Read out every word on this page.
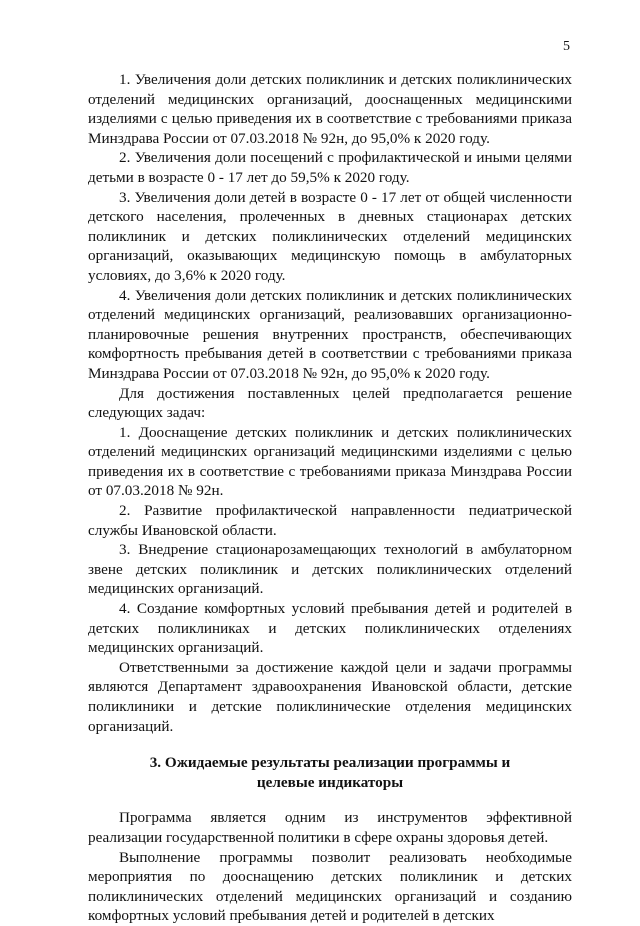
5

1. Увеличения доли детских поликлиник и детских поликлинических отделений медицинских организаций, дооснащенных медицинскими изделиями с целью приведения их в соответствие с требованиями приказа Минздрава России от 07.03.2018 № 92н, до 95,0% к 2020 году.

2. Увеличения доли посещений с профилактической и иными целями детьми в возрасте 0 - 17 лет до 59,5% к 2020 году.

3. Увеличения доли детей в возрасте 0 - 17 лет от общей численности детского населения, пролеченных в дневных стационарах детских поликлиник и детских поликлинических отделений медицинских организаций, оказывающих медицинскую помощь в амбулаторных условиях, до 3,6% к 2020 году.

4. Увеличения доли детских поликлиник и детских поликлинических отделений медицинских организаций, реализовавших организационно-планировочные решения внутренних пространств, обеспечивающих комфортность пребывания детей в соответствии с требованиями приказа Минздрава России от 07.03.2018 № 92н, до 95,0% к 2020 году.

Для достижения поставленных целей предполагается решение следующих задач:

1. Дооснащение детских поликлиник и детских поликлинических отделений медицинских организаций медицинскими изделиями с целью приведения их в соответствие с требованиями приказа Минздрава России от 07.03.2018 № 92н.

2. Развитие профилактической направленности педиатрической службы Ивановской области.

3. Внедрение стационарозамещающих технологий в амбулаторном звене детских поликлиник и детских поликлинических отделений медицинских организаций.

4. Создание комфортных условий пребывания детей и родителей в детских поликлиниках и детских поликлинических отделениях медицинских организаций.

Ответственными за достижение каждой цели и задачи программы являются Департамент здравоохранения Ивановской области, детские поликлиники и детские поликлинические отделения медицинских организаций.

3. Ожидаемые результаты реализации программы и
целевые индикаторы

Программа является одним из инструментов эффективной реализации государственной политики в сфере охраны здоровья детей.

Выполнение программы позволит реализовать необходимые мероприятия по дооснащению детских поликлиник и детских поликлинических отделений медицинских организаций и созданию комфортных условий пребывания детей и родителей в детских
